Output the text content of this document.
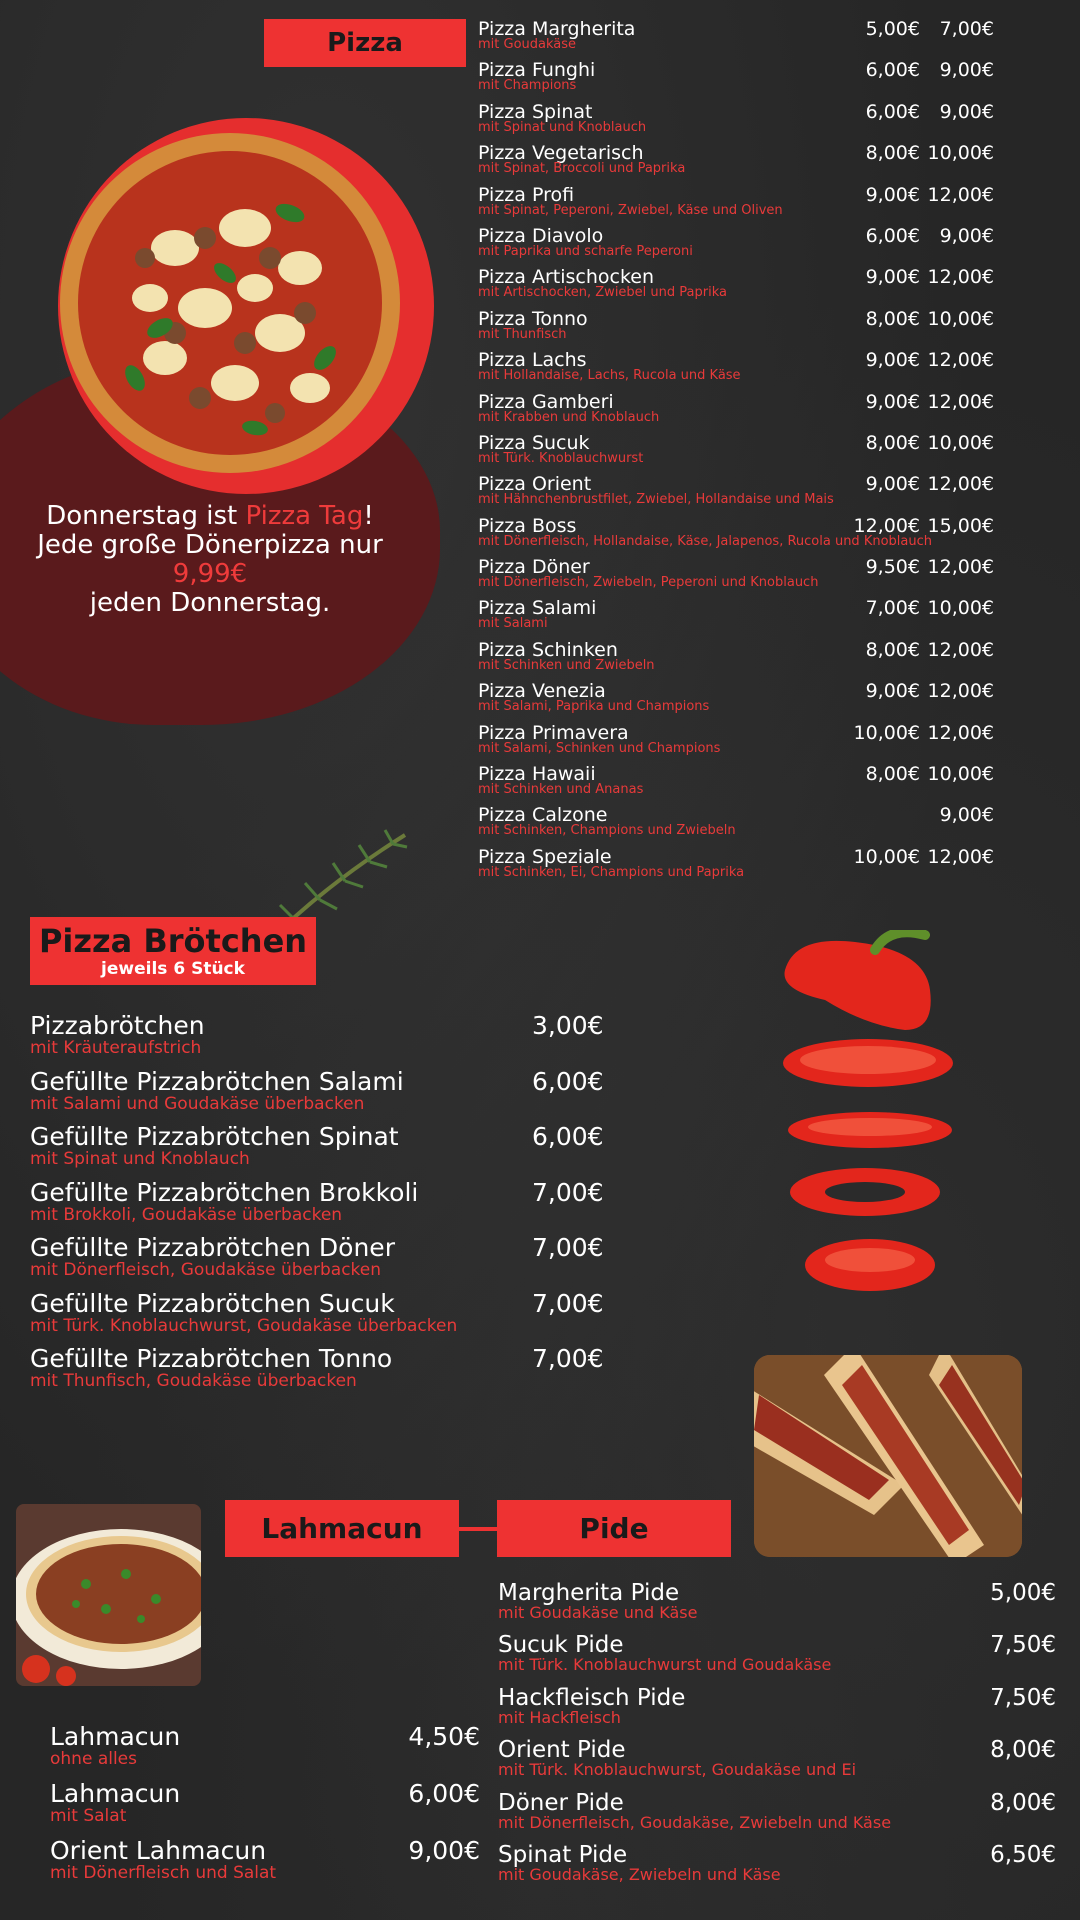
Pizza	Pizza Margherita
mit Goudakäse
5,00€ 7,00€
Pizza Funghi
mit Champions
6,00€ 9,00€
Pizza Spinat
mit Spinat und Knoblauch
6,00€ 9,00€
Pizza Vegetarisch
mit Spinat, Broccoli und Paprika
8,00€ 10,00€
Pizza Profi
mit Spinat, Peperoni, Zwiebel, Käse und Oliven
9,00€ 12,00€
Pizza Diavolo
mit Paprika und scharfe Peperoni
6,00€ 9,00€
Pizza Artischocken
mit Artischocken, Zwiebel und Paprika
9,00€ 12,00€
Pizza Tonno
mit Thunfisch
8,00€ 10,00€
Pizza Lachs
mit Hollandaise, Lachs, Rucola und Käse
9,00€ 12,00€
Pizza Gamberi
mit Krabben und Knoblauch
9,00€ 12,00€
Pizza Sucuk
mit Türk. Knoblauchwurst
8,00€ 10,00€
Pizza Orient
mit Hähnchenbrustfilet, Zwiebel, Hollandaise und Mais
9,00€ 12,00€
Pizza Boss
mit Dönerfleisch, Hollandaise, Käse, Jalapenos, Rucola und Knoblauch
12,00€ 15,00€
Pizza Döner
mit Dönerfleisch, Zwiebeln, Peperoni und Knoblauch
9,50€ 12,00€
Pizza Salami
mit Salami
7,00€ 10,00€
Pizza Schinken
mit Schinken und Zwiebeln
8,00€ 12,00€
Pizza Venezia
mit Salami, Paprika und Champions
9,00€ 12,00€
Pizza Primavera
mit Salami, Schinken und Champions
10,00€ 12,00€
Pizza Hawaii
mit Schinken und Ananas
8,00€ 10,00€
Pizza Calzone
mit Schinken, Champions und Zwiebeln
9,00€
Pizza Speziale
mit Schinken, Ei, Champions und Paprika
10,00€ 12,00€
Donnerstag ist Pizza Tag!
Jede große Dönerpizza nur
9,99€
jeden Donnerstag.
Pizza Brötchen
jeweils 6 Stück
Pizzabrötchen
mit Kräuteraufstrich
3,00€
Gefüllte Pizzabrötchen Salami
mit Salami und Goudakäse überbacken
6,00€
Gefüllte Pizzabrötchen Spinat
mit Spinat und Knoblauch
6,00€
Gefüllte Pizzabrötchen Brokkoli
mit Brokkoli, Goudakäse überbacken
7,00€
Gefüllte Pizzabrötchen Döner
mit Dönerfleisch, Goudakäse überbacken
7,00€
Gefüllte Pizzabrötchen Sucuk
mit Türk. Knoblauchwurst, Goudakäse überbacken
7,00€
Gefüllte Pizzabrötchen Tonno
mit Thunfisch, Goudakäse überbacken
7,00€
Lahmacun	Pide
Lahmacun
ohne alles
4,50€
Lahmacun
mit Salat
6,00€
Orient Lahmacun
mit Dönerfleisch und Salat
9,00€
Margherita Pide
mit Goudakäse und Käse
5,00€
Sucuk Pide
mit Türk. Knoblauchwurst und Goudakäse
7,50€
Hackfleisch Pide
mit Hackfleisch
7,50€
Orient Pide
mit Türk. Knoblauchwurst, Goudakäse und Ei
8,00€
Döner Pide
mit Dönerfleisch, Goudakäse, Zwiebeln und Käse
8,00€
Spinat Pide
mit Goudakäse, Zwiebeln und Käse
6,50€
